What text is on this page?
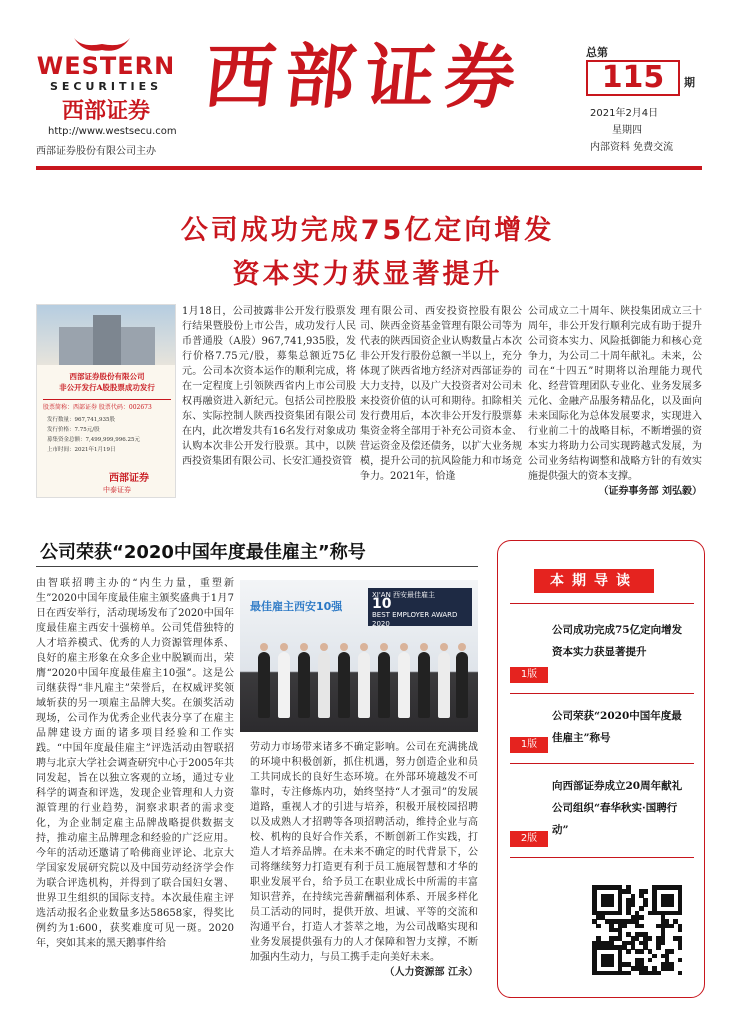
WESTERN
SECURITIES
西部证券
http://www.westsecu.com
西部证券股份有限公司主办
西部证券	总第
115	期
2021年2月4日
星期四
内部资料 免费交流
公司成功完成75亿定向增发
资本实力获显著提升
西部证券股份有限公司
非公开发行A股股票成功发行
股票简称：西部证券 股票代码：002673
发行数量：967,741,935股
发行价格：7.75元/股
募集资金总额：7,499,999,996.25元
上市时间：2021年1月19日
西部证券
中泰证券
1月18日，公司披露非公开发行股票发行结果暨股份上市公告，成功发行人民币普通股（A股）967,741,935股，发行价格7.75元/股，募集总额近75亿元。公司本次资本运作的顺利完成，将在一定程度上引领陕西省内上市公司股权再融资进入新纪元。包括公司控股股东、实际控制人陕西投资集团有限公司在内，此次增发共有16名发行对象成功认购本次非公开发行股票。其中，以陕西投资集团有限公司、长安汇通投资管
理有限公司、西安投资控股有限公司、陕西金资基金管理有限公司等为代表的陕西国资企业认购数量占本次非公开发行股份总额一半以上，充分体现了陕西省地方经济对西部证券的大力支持，以及广大投资者对公司未来投资价值的认可和期待。扣除相关发行费用后，本次非公开发行股票募集资金将全部用于补充公司资本金、营运资金及偿还债务，以扩大业务规模，提升公司的抗风险能力和市场竞争力。2021年，恰逢
公司成立二十周年、陕投集团成立三十周年，非公开发行顺利完成有助于提升公司资本实力、风险抵御能力和核心竞争力，为公司二十周年献礼。未来，公司在“十四五”时期将以治理能力现代化、经营管理团队专业化、业务发展多元化、金融产品服务精品化，以及面向未来国际化为总体发展要求，实现进入行业前二十的战略目标，不断增强的资本实力将助力公司实现跨越式发展，为公司业务结构调整和战略方针的有效实施提供强大的资本支撑。
（证券事务部 刘弘毅）
公司荣获“2020中国年度最佳雇主”称号
最佳雇主西安10强
XI'AN 西安最佳雇主
10
BEST EMPLOYER AWARD 2020
由智联招聘主办的“内生力量，重塑新生”2020中国年度最佳雇主颁奖盛典于1月7日在西安举行，活动现场发布了2020中国年度最佳雇主西安十强榜单。公司凭借独特的人才培养模式、优秀的人力资源管理体系、良好的雇主形象在众多企业中脱颖而出，荣膺“2020中国年度最佳雇主10强”。这是公司继获得“非凡雇主”荣誉后，在权威评奖领域斩获的另一项雇主品牌大奖。在颁奖活动现场，公司作为优秀企业代表分享了在雇主品牌建设方面的诸多项目经验和工作实践。“中国年度最佳雇主”评选活动由智联招聘与北京大学社会调查研究中心于2005年共同发起，旨在以独立客观的立场，通过专业科学的调查和评选，发现企业管理和人力资源管理的行业趋势，洞察求职者的需求变化，为企业制定雇主品牌战略提供数据支持，推动雇主品牌理念和经验的广泛应用。今年的活动还邀请了哈佛商业评论、北京大学国家发展研究院以及中国劳动经济学会作为联合评选机构，并得到了联合国妇女署、世界卫生组织的国际支持。本次最佳雇主评选活动报名企业数量多达58658家，得奖比例约为1:600，获奖难度可见一斑。2020年，突如其来的黑天鹅事件给
劳动力市场带来诸多不确定影响。公司在充满挑战的环境中积极创新，抓住机遇，努力创造企业和员工共同成长的良好生态环境。在外部环境越发不可靠时，专注修炼内功，始终坚持“人才强司”的发展道路，重视人才的引进与培养，积极开展校园招聘以及成熟人才招聘等各项招聘活动，维持企业与高校、机构的良好合作关系，不断创新工作实践，打造人才培养品牌。在未来不确定的时代背景下，公司将继续努力打造更有利于员工施展智慧和才华的职业发展平台，给予员工在职业成长中所需的丰富知识营养，在持续完善薪酬福利体系、开展多样化员工活动的同时，提供开放、坦诚、平等的交流和沟通平台，打造人才荟萃之地，为公司战略实现和业务发展提供强有力的人才保障和智力支撑，不断加强内生动力，与员工携手走向美好未来。
（人力资源部 江永）
本期导读
公司成功完成75亿定向增发 资本实力获显著提升
1版
公司荣获“2020中国年度最佳雇主”称号
1版
向西部证券成立20周年献礼 公司组织“春华秋实·国聘行动”
2版
